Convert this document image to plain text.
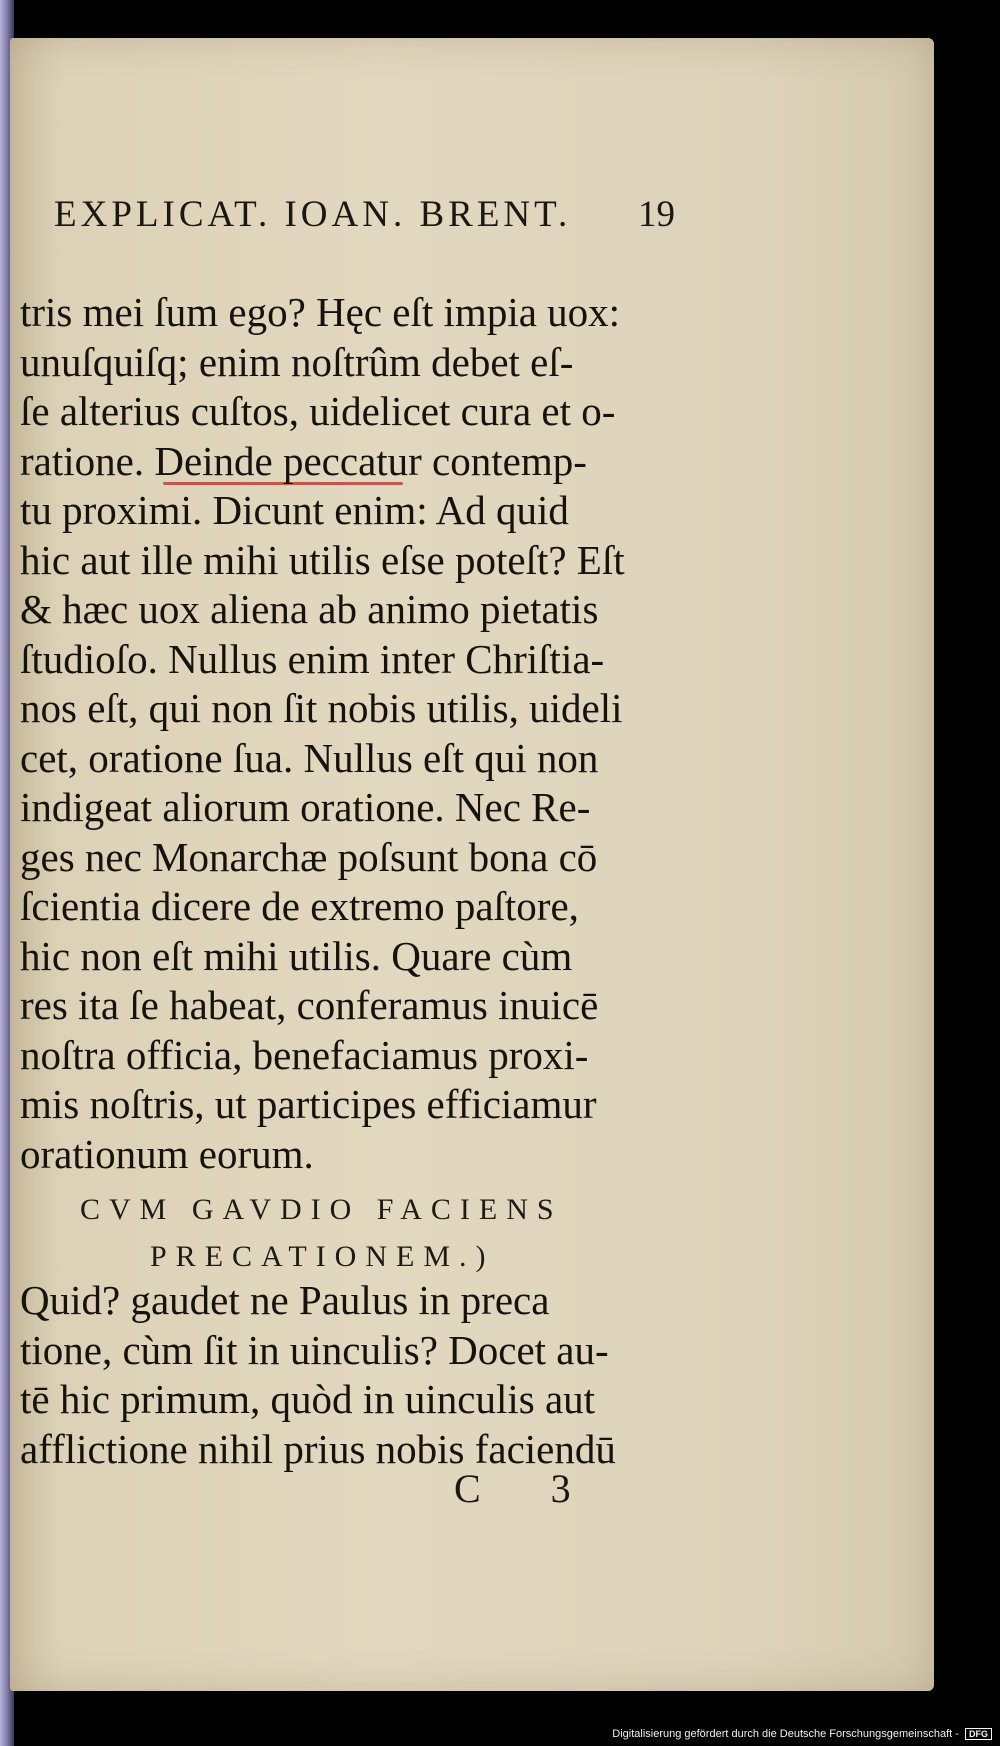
EXPLICAT. IOAN. BRENT.	19
tris mei ſum ego? Hęc eſt impia uox:
unuſquiſq; enim noſtrûm debet eſ-
ſe alterius cuſtos, uidelicet cura et o-
ratione. Deinde peccatur contemp-
tu proximi. Dicunt enim: Ad quid
hic aut ille mihi utilis eſse poteſt? Eſt
& hæc uox aliena ab animo pietatis
ſtudioſo. Nullus enim inter Chriſtia-
nos eſt, qui non ſit nobis utilis, uideli
cet, oratione ſua. Nullus eſt qui non
indigeat aliorum oratione. Nec Re-
ges nec Monarchæ poſsunt bona cō
ſcientia dicere de extremo paſtore,
hic non eſt mihi utilis. Quare cùm
res ita ſe habeat, conferamus inuicē
noſtra officia, benefaciamus proxi-
mis noſtris, ut participes efficiamur
orationum eorum.
CVM GAVDIO FACIENS
PRECATIONEM.)
Quid? gaudet ne Paulus in preca
tione, cùm ſit in uinculis? Docet au-
tē hic primum, quòd in uinculis aut
afflictione nihil prius nobis faciendū
C 3
Digitalisierung gefördert durch die Deutsche Forschungsgemeinschaft - DFG
